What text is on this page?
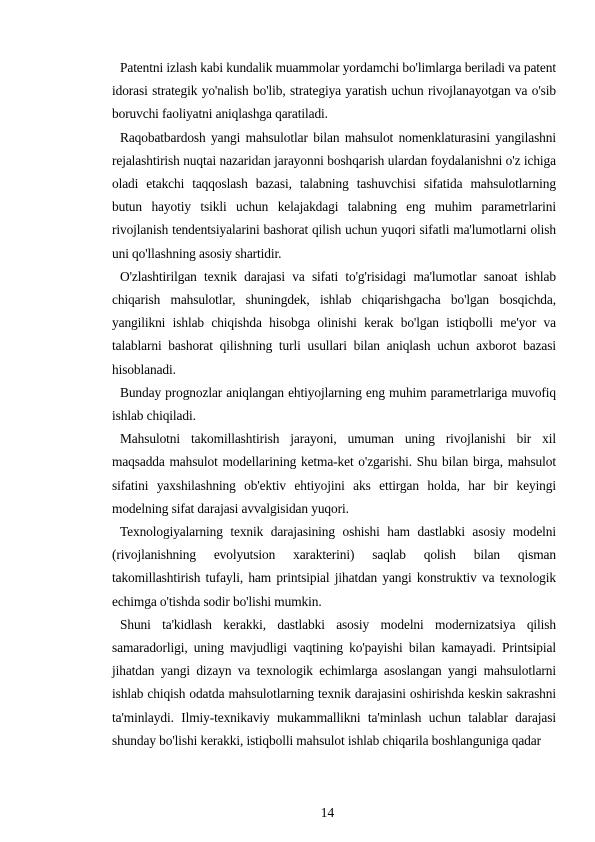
Patentni izlash kabi kundalik muammolar yordamchi bo'limlarga beriladi va patent idorasi strategik yo'nalish bo'lib, strategiya yaratish uchun rivojlanayotgan va o'sib boruvchi faoliyatni aniqlashga qaratiladi.

Raqobatbardosh yangi mahsulotlar bilan mahsulot nomenklaturasini yangilashni rejalashtirish nuqtai nazaridan jarayonni boshqarish ulardan foydalanishni o'z ichiga oladi etakchi taqqoslash bazasi, talabning tashuvchisi sifatida mahsulotlarning butun hayotiy tsikli uchun kelajakdagi talabning eng muhim parametrlarini rivojlanish tendentsiyalarini bashorat qilish uchun yuqori sifatli ma'lumotlarni olish uni qo'llashning asosiy shartidir.

O'zlashtirilgan texnik darajasi va sifati to'g'risidagi ma'lumotlar sanoat ishlab chiqarish mahsulotlar, shuningdek, ishlab chiqarishgacha bo'lgan bosqichda, yangilikni ishlab chiqishda hisobga olinishi kerak bo'lgan istiqbolli me'yor va talablarni bashorat qilishning turli usullari bilan aniqlash uchun axborot bazasi hisoblanadi.

Bunday prognozlar aniqlangan ehtiyojlarning eng muhim parametrlariga muvofiq ishlab chiqiladi.

Mahsulotni takomillashtirish jarayoni, umuman uning rivojlanishi bir xil maqsadda mahsulot modellarining ketma-ket o'zgarishi. Shu bilan birga, mahsulot sifatini yaxshilashning ob'ektiv ehtiyojini aks ettirgan holda, har bir keyingi modelning sifat darajasi avvalgisidan yuqori.

Texnologiyalarning texnik darajasining oshishi ham dastlabki asosiy modelni (rivojlanishning evolyutsion xarakterini) saqlab qolish bilan qisman takomillashtirish tufayli, ham printsipial jihatdan yangi konstruktiv va texnologik echimga o'tishda sodir bo'lishi mumkin.

Shuni ta'kidlash kerakki, dastlabki asosiy modelni modernizatsiya qilish samaradorligi, uning mavjudligi vaqtining ko'payishi bilan kamayadi. Printsipial jihatdan yangi dizayn va texnologik echimlarga asoslangan yangi mahsulotlarni ishlab chiqish odatda mahsulotlarning texnik darajasini oshirishda keskin sakrashni ta'minlaydi. Ilmiy-texnikaviy mukammallikni ta'minlash uchun talablar darajasi shunday bo'lishi kerakki, istiqbolli mahsulot ishlab chiqarila boshlanguniga qadar

14
